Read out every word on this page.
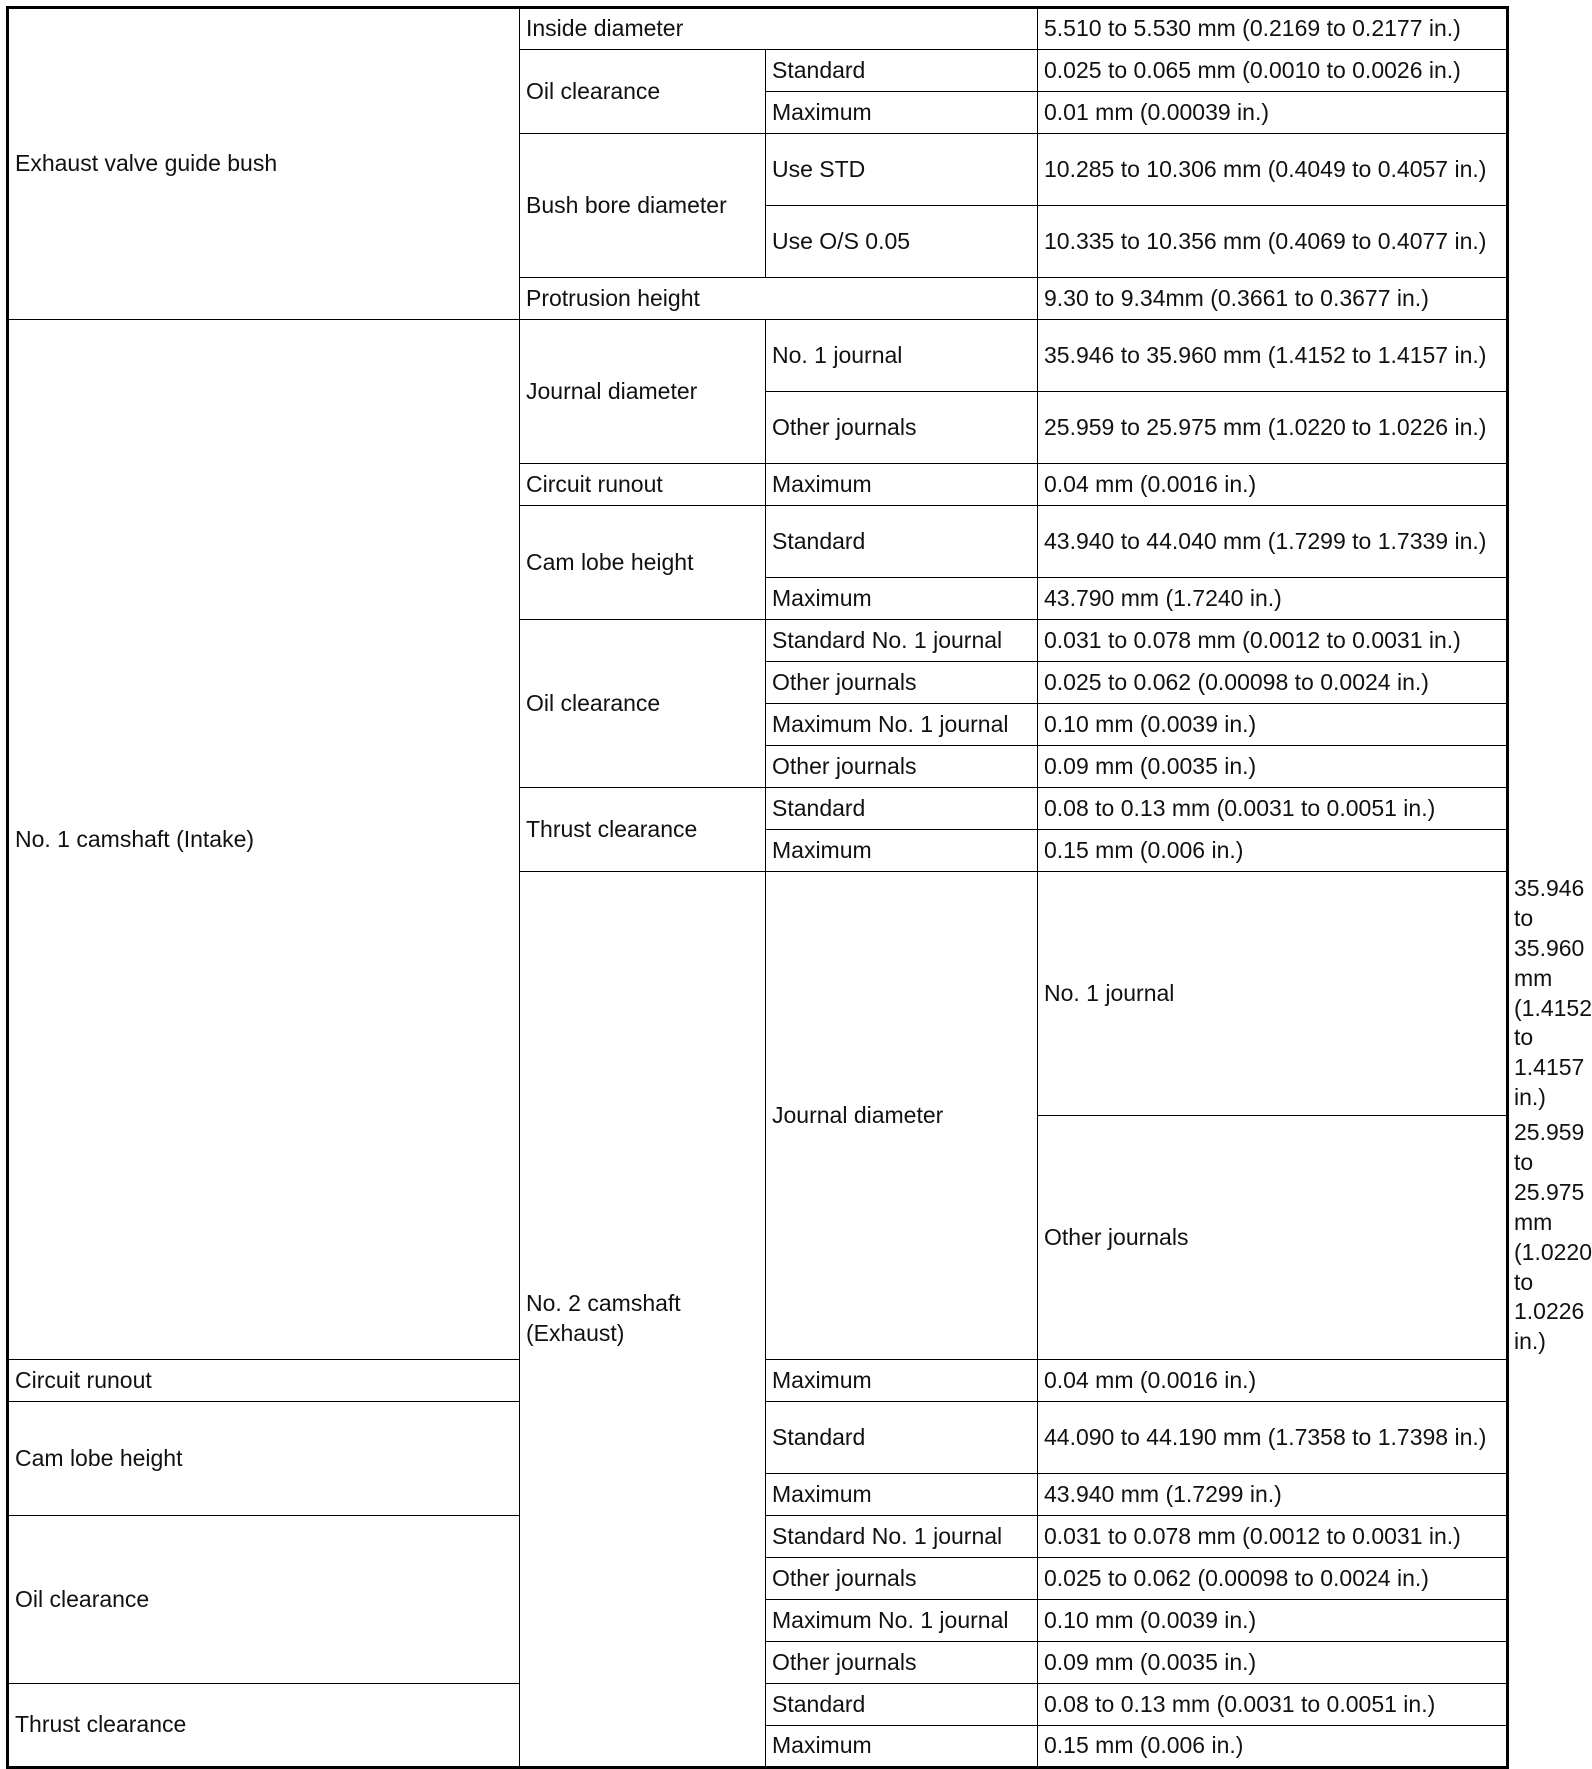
Exhaust valve guide bush	Inside diameter		5.510 to 5.530 mm (0.2169 to 0.2177 in.)	
	Oil clearance	Standard	0.025 to 0.065 mm (0.0010 to 0.0026 in.)	
		Maximum	0.01 mm (0.00039 in.)	
	Bush bore diameter	Use STD	10.285 to 10.306 mm (0.4049 to 0.4057 in.)	
		Use O/S 0.05	10.335 to 10.356 mm (0.4069 to 0.4077 in.)	
	Protrusion height		9.30 to 9.34mm (0.3661 to 0.3677 in.)	
No. 1 camshaft (Intake)	Journal diameter	No. 1 journal	35.946 to 35.960 mm (1.4152 to 1.4157 in.)	
		Other journals	25.959 to 25.975 mm (1.0220 to 1.0226 in.)	
	Circuit runout	Maximum	0.04 mm (0.0016 in.)	
	Cam lobe height	Standard	43.940 to 44.040 mm (1.7299 to 1.7339 in.)	
		Maximum	43.790 mm (1.7240 in.)	
	Oil clearance	Standard No. 1 journal	0.031 to 0.078 mm (0.0012 to 0.0031 in.)	
		Other journals	0.025 to 0.062 (0.00098 to 0.0024 in.)	
		Maximum No. 1 journal	0.10 mm (0.0039 in.)	
		Other journals	0.09 mm (0.0035 in.)	
	Thrust clearance	Standard	0.08 to 0.13 mm (0.0031 to 0.0051 in.)	
		Maximum	0.15 mm (0.006 in.)	
	No. 2 camshaft (Exhaust)	Journal diameter	No. 1 journal	35.946 to 35.960 mm (1.4152 to 1.4157 in.)
			Other journals	25.959 to 25.975 mm (1.0220 to 1.0226 in.)
Circuit runout		Maximum	0.04 mm (0.0016 in.)	
Cam lobe height		Standard	44.090 to 44.190 mm (1.7358 to 1.7398 in.)	
		Maximum	43.940 mm (1.7299 in.)	
Oil clearance		Standard No. 1 journal	0.031 to 0.078 mm (0.0012 to 0.0031 in.)	
		Other journals	0.025 to 0.062 (0.00098 to 0.0024 in.)	
		Maximum No. 1 journal	0.10 mm (0.0039 in.)	
		Other journals	0.09 mm (0.0035 in.)	
Thrust clearance		Standard	0.08 to 0.13 mm (0.0031 to 0.0051 in.)	
		Maximum	0.15 mm (0.006 in.)	
